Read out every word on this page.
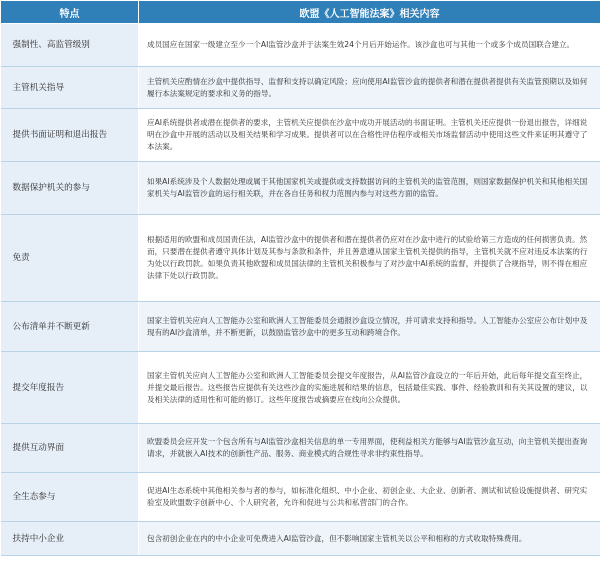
特点	欧盟《人工智能法案》相关内容
强制性、高监管级别	成员国应在国家一级建立至少一个AI监管沙盒并于法案生效24个月后开始运作。该沙盒也可与其他一个或多个成员国联合建立。

主管机关指导	主管机关应酌情在沙盒中提供指导、监督和支持以确定风险；应向使用AI监管沙盒的提供者和潜在提供者提供有关监管预期以及如何履行本法案规定的要求和义务的指导。

提供书面证明和退出报告	应AI系统提供者或潜在提供者的要求，主管机关应提供在沙盒中成功开展活动的书面证明。主管机关还应提供一份退出报告，详细说明在沙盒中开展的活动以及相关结果和学习成果。提供者可以在合格性评估程序或相关市场监督活动中使用这些文件来证明其遵守了本法案。

数据保护机关的参与	如果AI系统涉及个人数据处理或属于其他国家机关或提供或支持数据访问的主管机关的监管范围，则国家数据保护机关和其他相关国家机关与AI监管沙盒的运行相关联，并在各自任务和权力范围内参与对这些方面的监管。

免责	根据适用的欧盟和成员国责任法，AI监管沙盒中的提供者和潜在提供者仍应对在沙盒中进行的试验给第三方造成的任何损害负责。然而，只要潜在提供者遵守具体计划及其参与条款和条件，并且善意遵从国家主管机关提供的指导，主管机关就不应对违反本法案的行为处以行政罚款。如果负责其他欧盟和成员国法律的主管机关积极参与了对沙盒中AI系统的监督，并提供了合规指导，则不得在相应法律下处以行政罚款。

公布清单并不断更新	国家主管机关应向人工智能办公室和欧洲人工智能委员会通报沙盒设立情况，并可请求支持和指导。人工智能办公室应公布计划中及现有的AI沙盒清单，并不断更新，以鼓励监管沙盒中的更多互动和跨境合作。

提交年度报告	国家主管机关应向人工智能办公室和欧洲人工智能委员会提交年度报告，从AI监管沙盒设立的一年后开始，此后每年提交直至终止，并提交最后报告。这些报告应提供有关这些沙盒的实施进展和结果的信息，包括最佳实践、事件、经验教训和有关其设置的建议，以及相关法律的适用性和可能的修订。这些年度报告或摘要应在线向公众提供。

提供互动界面	欧盟委员会应开发一个包含所有与AI监管沙盒相关信息的单一专用界面，使利益相关方能够与AI监管沙盒互动，向主管机关提出查询请求，并就嵌入AI技术的创新性产品、服务、商业模式的合规性寻求非约束性指导。

全生态参与	促进AI生态系统中其他相关参与者的参与，如标准化组织、中小企业、初创企业、大企业、创新者、测试和试验设施提供者、研究实验室及欧盟数字创新中心、个人研究者，允许和促进与公共和私营部门的合作。

扶持中小企业	包含初创企业在内的中小企业可免费进入AI监管沙盒，但不影响国家主管机关以公平和相称的方式收取特殊费用。
